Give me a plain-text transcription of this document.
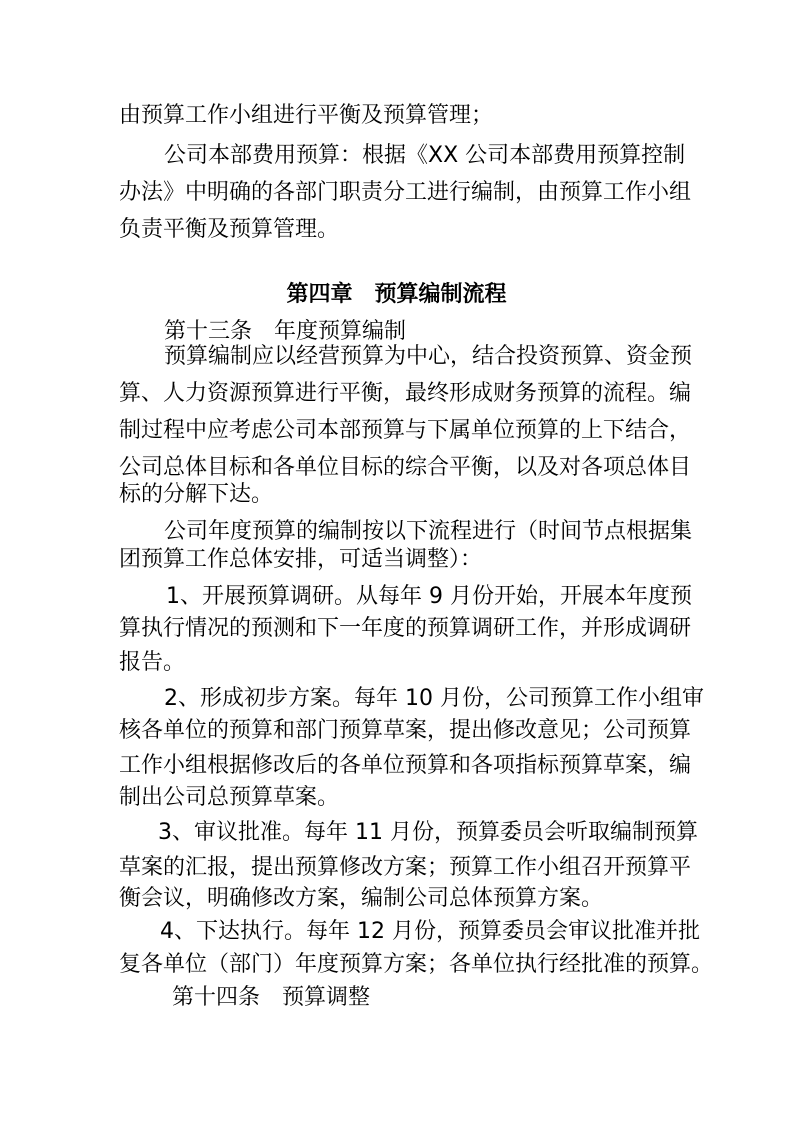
由预算工作小组进行平衡及预算管理；

公司本部费用预算：根据《XX 公司本部费用预算控制

办法》中明确的各部门职责分工进行编制，由预算工作小组

负责平衡及预算管理。

第四章　预算编制流程

第十三条　年度预算编制

预算编制应以经营预算为中心，结合投资预算、资金预

算、人力资源预算进行平衡，最终形成财务预算的流程。编

制过程中应考虑公司本部预算与下属单位预算的上下结合，

公司总体目标和各单位目标的综合平衡，以及对各项总体目

标的分解下达。

公司年度预算的编制按以下流程进行（时间节点根据集

团预算工作总体安排，可适当调整）：

1、开展预算调研。从每年 9 月份开始，开展本年度预

算执行情况的预测和下一年度的预算调研工作，并形成调研

报告。

2、形成初步方案。每年 10 月份，公司预算工作小组审

核各单位的预算和部门预算草案，提出修改意见；公司预算

工作小组根据修改后的各单位预算和各项指标预算草案，编

制出公司总预算草案。

3、审议批准。每年 11 月份，预算委员会听取编制预算

草案的汇报，提出预算修改方案；预算工作小组召开预算平

衡会议，明确修改方案，编制公司总体预算方案。

4、下达执行。每年 12 月份，预算委员会审议批准并批

复各单位（部门）年度预算方案；各单位执行经批准的预算。

第十四条　预算调整
